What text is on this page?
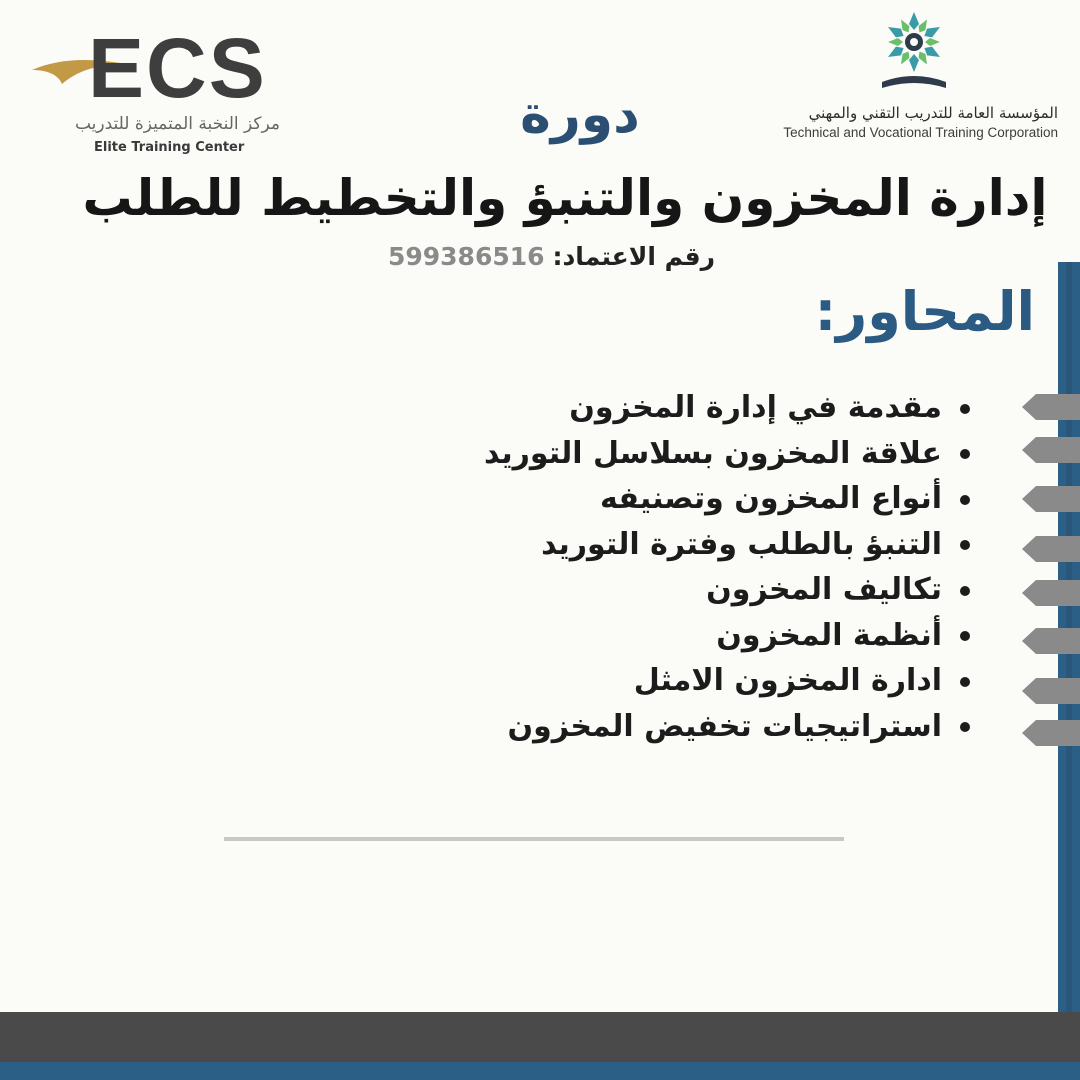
ECS
مركز النخبة المتميزة للتدريب
Elite Training Center
المؤسسة العامة للتدريب التقني والمهني
Technical and Vocational Training Corporation
دورة
إدارة المخزون والتنبؤ والتخطيط للطلب
رقم الاعتماد: 599386516
المحاور:
مقدمة في إدارة المخزون
علاقة المخزون بسلاسل التوريد
أنواع المخزون وتصنيفه
التنبؤ بالطلب وفترة التوريد
تكاليف المخزون
أنظمة المخزون
ادارة المخزون الامثل
استراتيجيات تخفيض المخزون
